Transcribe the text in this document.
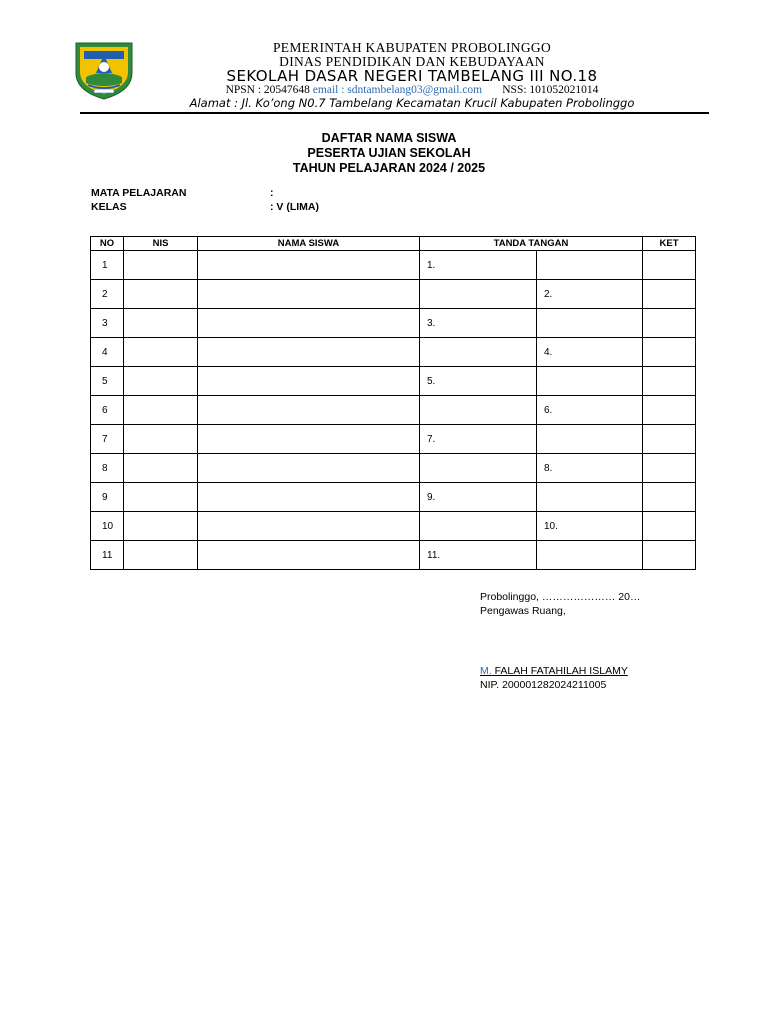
PEMERINTAH KABUPATEN PROBOLINGGO
DINAS PENDIDIKAN DAN KEBUDAYAAN
SEKOLAH DASAR NEGERI TAMBELANG III NO.18
NPSN : 20547648 email : sdntambelang03@gmail.com       NSS: 101052021014
Alamat : Jl. Ko’ong N0.7 Tambelang Kecamatan Krucil Kabupaten Probolinggo
DAFTAR NAMA SISWA
PESERTA UJIAN SEKOLAH
TAHUN PELAJARAN 2024 / 2025
MATA PELAJARAN	:
KELAS	: V (LIMA)
NO	NIS	NAMA SISWA	TANDA TANGAN		KET
1			1.		
2				2.	
3			3.		
4				4.	
5			5.		
6				6.	
7			7.		
8				8.	
9			9.		
10				10.	
11			11.		
Probolinggo, ………………… 20…
Pengawas Ruang,
M. FALAH FATAHILAH ISLAMY
NIP. 200001282024211005
